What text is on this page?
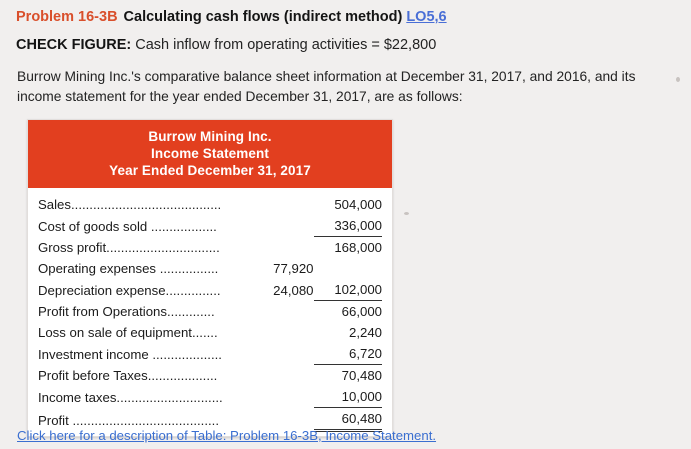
Problem 16-3B Calculating cash flows (indirect method) LO5,6
CHECK FIGURE: Cash inflow from operating activities = $22,800
Burrow Mining Inc.'s comparative balance sheet information at December 31, 2017, and 2016, and its income statement for the year ended December 31, 2017, are as follows:
Burrow Mining Inc.
Income Statement
Year Ended December 31, 2017
Sales.........................................		504,000
Cost of goods sold ..................		336,000
Gross profit...............................		168,000
Operating expenses ................	77,920	
Depreciation expense...............	24,080	102,000
Profit from Operations.............		66,000
Loss on sale of equipment.......		2,240
Investment income ...................		6,720
Profit before Taxes...................		70,480
Income taxes.............................		10,000
Profit ........................................		60,480
Click here for a description of Table: Problem 16-3B, Income Statement.
